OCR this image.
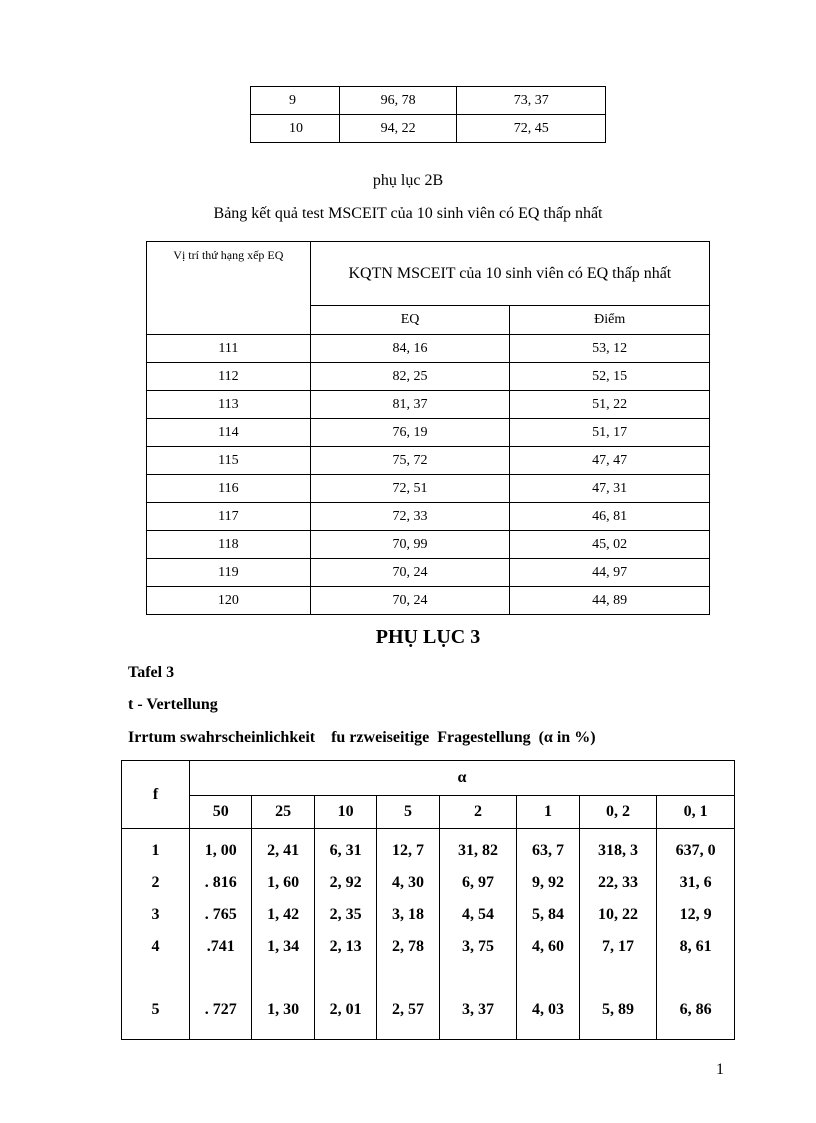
9	96, 78	73, 37
10	94, 22	72, 45
phụ lục 2B
Bảng kết quả test MSCEIT của 10 sinh viên có EQ thấp nhất
Vị trí thứ hạng xếp EQ	KQTN MSCEIT của 10 sinh viên có EQ thấp nhất	
	EQ	Điểm
111	84, 16	53, 12
112	82, 25	52, 15
113	81, 37	51, 22
114	76, 19	51, 17
115	75, 72	47, 47
116	72, 51	47, 31
117	72, 33	46, 81
118	70, 99	45, 02
119	70, 24	44, 97
120	70, 24	44, 89
PHỤ LỤC 3
Tafel 3
t - Vertellung
Irrtum swahrscheinlichkeit    fu rzweiseitige  Fragestellung  (α in %)
f	α							
	50	25	10	5	2	1	0, 2	0, 1
1	1, 00	2, 41	6, 31	12, 7	31, 82	63, 7	318, 3	637, 0
2	. 816	1, 60	2, 92	4, 30	6, 97	9, 92	22, 33	31, 6
3	. 765	1, 42	2, 35	3, 18	4, 54	5, 84	10, 22	12, 9
4	.741	1, 34	2, 13	2, 78	3, 75	4, 60	7, 17	8, 61
5	. 727	1, 30	2, 01	2, 57	3, 37	4, 03	5, 89	6, 86
1
